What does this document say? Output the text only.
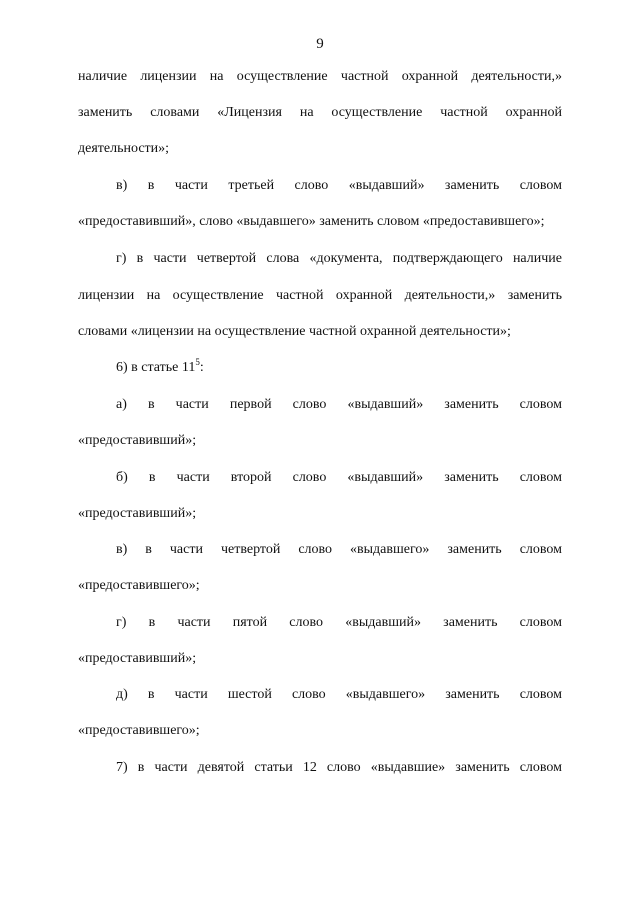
9
наличие лицензии на осуществление частной охранной деятельности,»
заменить словами «Лицензия на осуществление частной охранной
деятельности»;
в) в части третьей слово «выдавший» заменить словом
«предоставивший», слово «выдавшего» заменить словом «предоставившего»;
г) в части четвертой слова «документа, подтверждающего наличие
лицензии на осуществление частной охранной деятельности,» заменить
словами «лицензии на осуществление частной охранной деятельности»;
6) в статье $11^5$:
а) в части первой слово «выдавший» заменить словом
«предоставивший»;
б) в части второй слово «выдавший» заменить словом
«предоставивший»;
в) в части четвертой слово «выдавшего» заменить словом
«предоставившего»;
г) в части пятой слово «выдавший» заменить словом
«предоставивший»;
д) в части шестой слово «выдавшего» заменить словом
«предоставившего»;
7) в части девятой статьи 12 слово «выдавшие» заменить словом
